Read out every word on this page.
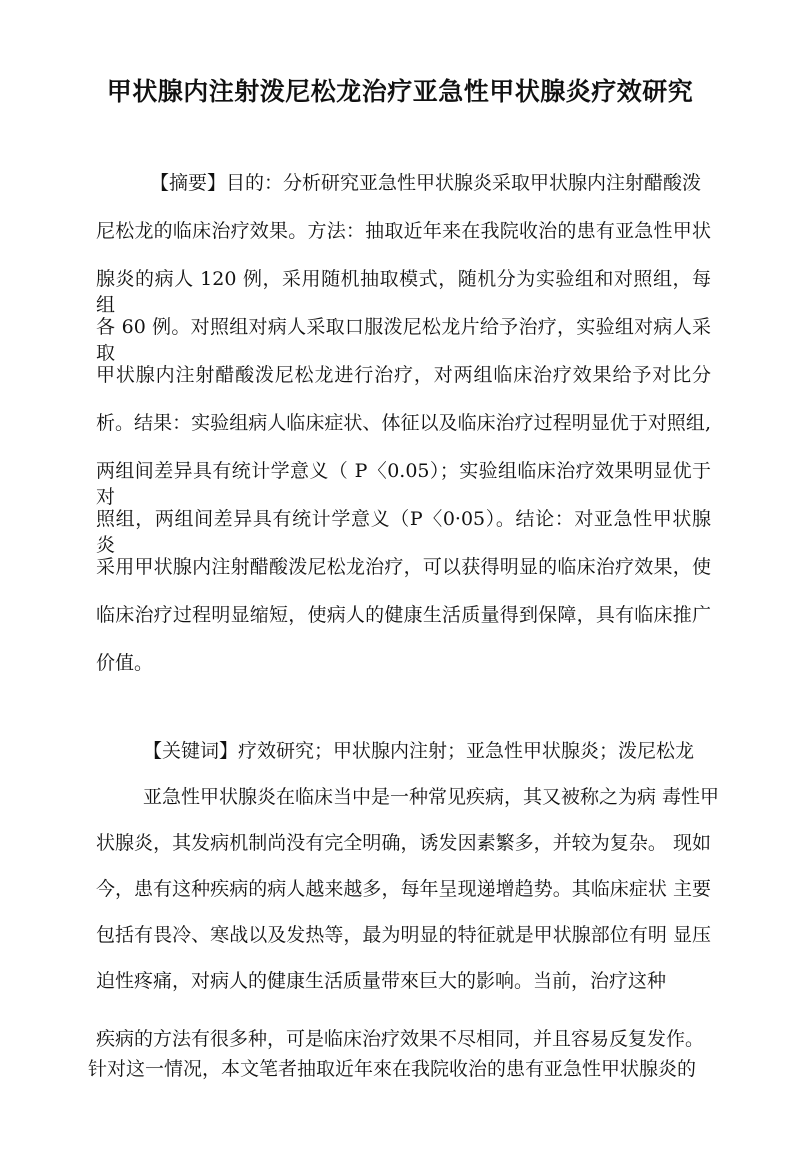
甲状腺内注射泼尼松龙治疗亚急性甲状腺炎疗效研究
【摘要】目的：分析研究亚急性甲状腺炎采取甲状腺内注射醋酸泼
尼松龙的临床治疗效果。方法：抽取近年来在我院收治的患有亚急性甲状
腺炎的病人 120 例，采用随机抽取模式，随机分为实验组和对照组，每组
各 60 例。对照组对病人采取口服泼尼松龙片给予治疗，实验组对病人采 取
甲状腺内注射醋酸泼尼松龙进行治疗，对两组临床治疗效果给予对比分
析。结果：实验组病人临床症状、体征以及临床治疗过程明显优于对照组,
两组间差异具有统计学意义（ P〈0.05）；实验组临床治疗效果明显优于对
照组，两组间差异具有统计学意义（P〈0·05）。结论：对亚急性甲状腺炎
采用甲状腺内注射醋酸泼尼松龙治疗，可以获得明显的临床治疗效果，使
临床治疗过程明显缩短，使病人的健康生活质量得到保障，具有临床推广
价值。
【关键词】疗效研究；甲状腺内注射；亚急性甲状腺炎；泼尼松龙
亚急性甲状腺炎在临床当中是一种常见疾病，其又被称之为病 毒性甲
状腺炎，其发病机制尚没有完全明确，诱发因素繁多，并较为复杂。 现如
今，患有这种疾病的病人越来越多，每年呈现递增趋势。其临床症状 主要
包括有畏冷、寒战以及发热等，最为明显的特征就是甲状腺部位有明 显压
迫性疼痛，对病人的健康生活质量带來巨大的影响。当前，治疗这种
疾病的方法有很多种，可是临床治疗效果不尽相同，并且容易反复发作。
针对这一情况，本文笔者抽取近年來在我院收治的患有亚急性甲状腺炎的
